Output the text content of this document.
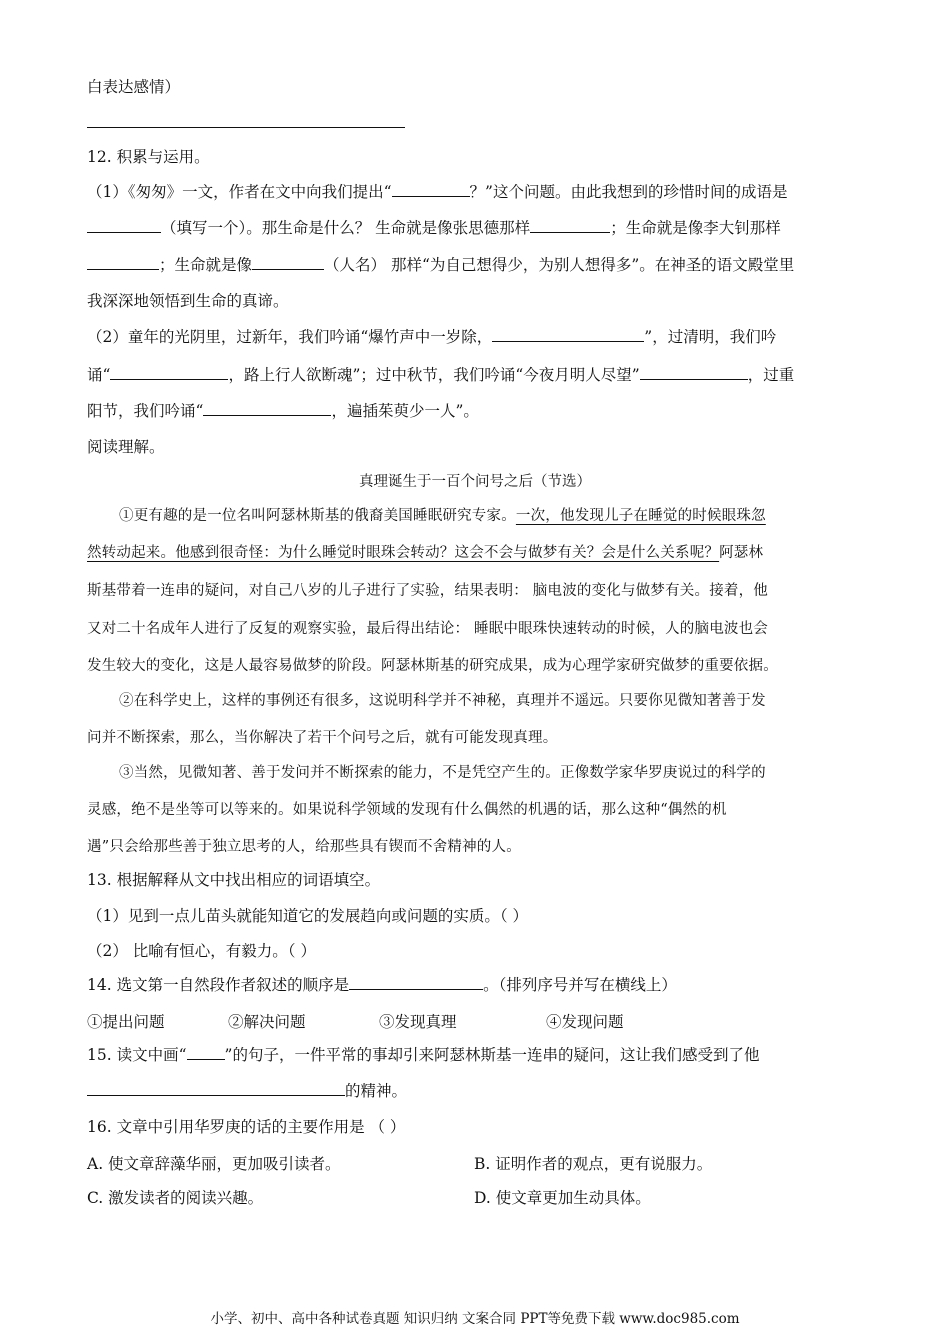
白表达感情）
12. 积累与运用。
（1）《匆匆》一文，作者在文中向我们提出“	？”这个问题。由此我想到的珍惜时间的成语是
（填写一个）。那生命是什么？ 生命就是像张思德那样	；生命就是像李大钊那样
；生命就是像	（人名） 那样“为自己想得少，为别人想得多”。在神圣的语文殿堂里
我深深地领悟到生命的真谛。
（2）童年的光阴里，过新年，我们吟诵“爆竹声中一岁除，	”，过清明，我们吟
诵“	，路上行人欲断魂”；过中秋节，我们吟诵“今夜月明人尽望”	，过重
阳节，我们吟诵“	，遍插茱萸少一人”。
阅读理解。
真理诞生于一百个问号之后（节选）
①更有趣的是一位名叫阿瑟林斯基的俄裔美国睡眠研究专家。一次，他发现儿子在睡觉的时候眼珠忽
然转动起来。他感到很奇怪：为什么睡觉时眼珠会转动？这会不会与做梦有关？会是什么关系呢？阿瑟林
斯基带着一连串的疑问，对自己八岁的儿子进行了实验，结果表明： 脑电波的变化与做梦有关。接着，他
又对二十名成年人进行了反复的观察实验，最后得出结论： 睡眠中眼珠快速转动的时候，人的脑电波也会
发生较大的变化，这是人最容易做梦的阶段。阿瑟林斯基的研究成果，成为心理学家研究做梦的重要依据。
②在科学史上，这样的事例还有很多，这说明科学并不神秘，真理并不遥远。只要你见微知著善于发
问并不断探索，那么，当你解决了若干个问号之后，就有可能发现真理。
③当然，见微知著、善于发问并不断探索的能力，不是凭空产生的。正像数学家华罗庚说过的科学的
灵感，绝不是坐等可以等来的。如果说科学领域的发现有什么偶然的机遇的话，那么这种“偶然的机
遇”只会给那些善于独立思考的人，给那些具有锲而不舍精神的人。
13. 根据解释从文中找出相应的词语填空。
（1）见到一点儿苗头就能知道它的发展趋向或问题的实质。（ ）
（2） 比喻有恒心，有毅力。（ ）
14. 选文第一自然段作者叙述的顺序是	。（排列序号并写在横线上）
①提出问题	②解决问题	③发现真理	④发现问题
15. 读文中画“ ”的句子，一件平常的事却引来阿瑟林斯基一连串的疑问，这让我们感受到了他
的精神。
16. 文章中引用华罗庚的话的主要作用是 （ ）
A. 使文章辞藻华丽，更加吸引读者。	B. 证明作者的观点，更有说服力。
C. 激发读者的阅读兴趣。	D. 使文章更加生动具体。
小学、初中、高中各种试卷真题 知识归纳 文案合同 PPT等免费下载 www.doc985.com
